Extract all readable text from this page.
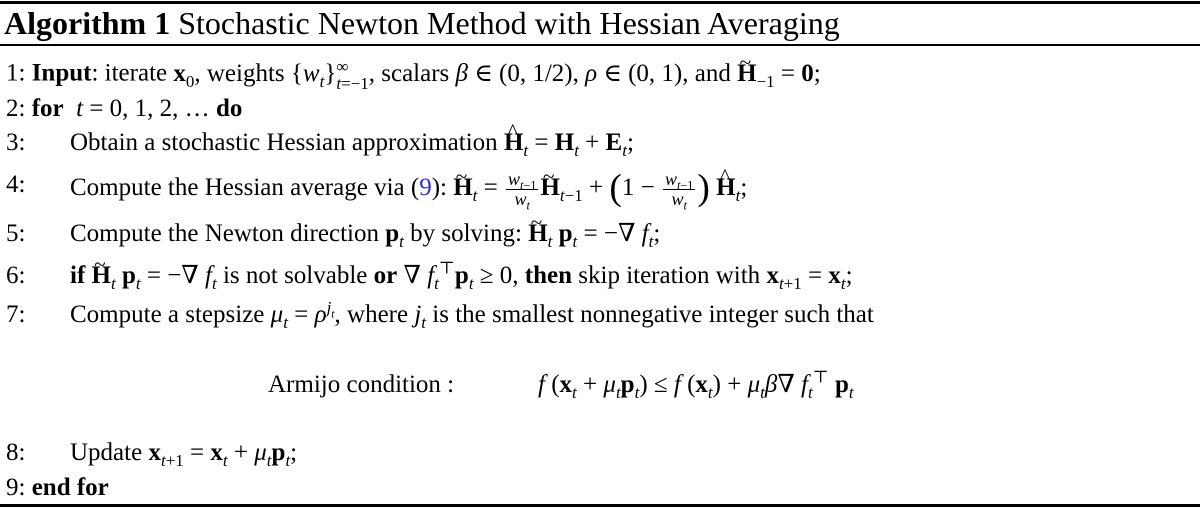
Algorithm 1 Stochastic Newton Method with Hessian Averaging
1: Input: iterate $x_0$, weights $\{w_t\}$ ∞
t=−1 , scalars β ∈ (0, 1/2), ρ ∈ (0, 1), and ~ $H_{-1} = 0$;
2: for t = 0, 1, 2, … do
3: Obtain a stochastic Hessian approximation ^ $H_t = H_t + E_t$;
4: Compute the Hessian average via (9): ~ $H_t = \frac{w_{t-1}}{w_t}$ ~ $H_{t-1} + (1 - \frac{w_{t-1}}{w_t}$ ) ^ $H_t$;
5: Compute the Newton direction $p_t$ by solving: ~ $H_t$ $p_t$ = −∇ $f_t$;
6: if ~ $H_t$ $p_t$ = −∇ $f_t$ is not solvable or ∇ $f_t^⊤p_t \ge 0$, then skip iteration with $x_{t+1} = x_t$;
7: Compute a stepsize $\mu_t = \rho^{j_t}$, where $j_t$ is the smallest nonnegative integer such that
Armijo condition :	f $(x_t + \mu_tp_t) \le f$ $(x_t) + \mu_t\beta\nabla$ $f_t^⊤$ $p_t$
8: Update $x_{t+1} = x_t + \mu_tp_t$;
9: end for
